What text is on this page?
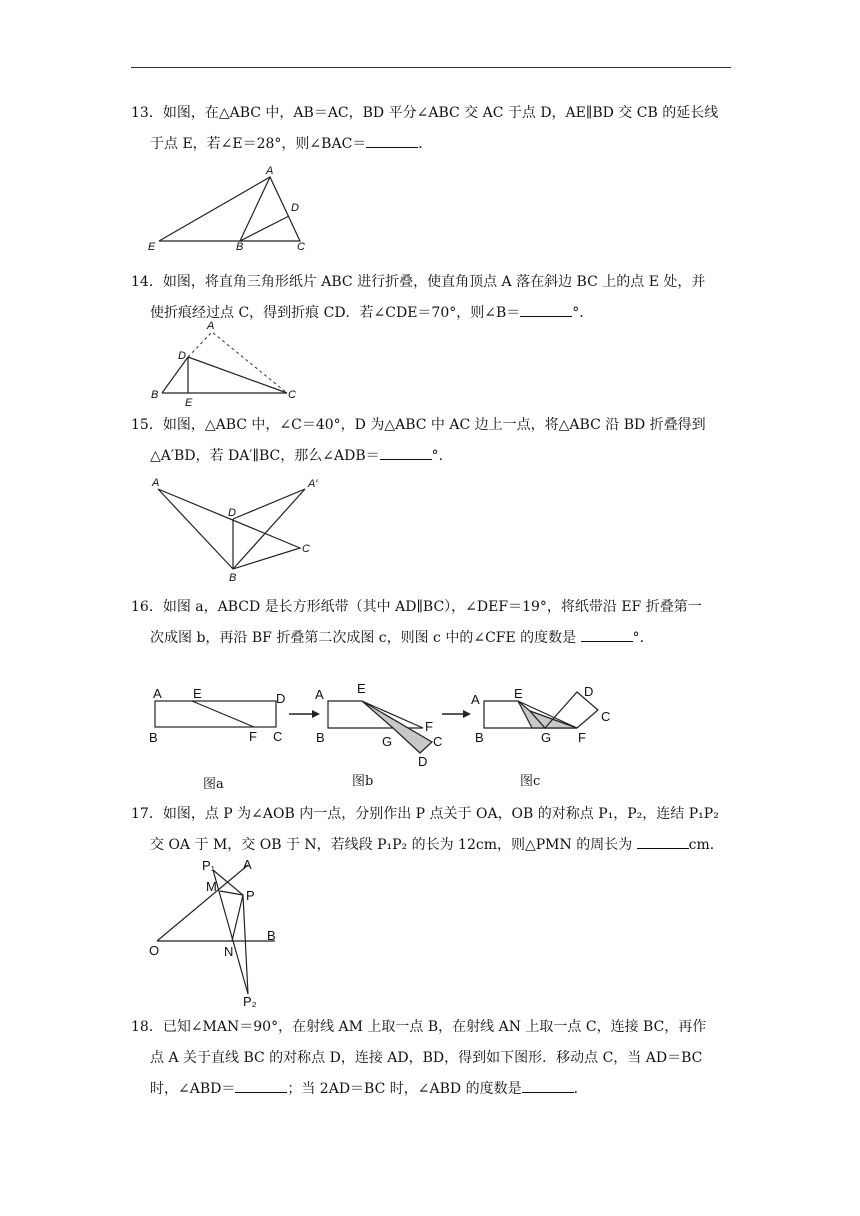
13．如图，在△ABC 中，AB＝AC，BD 平分∠ABC 交 AC 于点 D，AE∥BD 交 CB 的延长线

于点 E，若∠E＝28°，则∠BAC＝	．

A
D
E	B	C

14．如图，将直角三角形纸片 ABC 进行折叠，使直角顶点 A 落在斜边 BC 上的点 E 处，并

使折痕经过点 C，得到折痕 CD．若∠CDE＝70°，则∠B＝	°．

A
D
B
E
C

15．如图，△ABC 中，∠C＝40°，D 为△ABC 中 AC 边上一点，将△ABC 沿 BD 折叠得到

△A′BD，若 DA′∥BC，那么∠ADB＝	°．

A	A′
D
C
B

16．如图 a，ABCD 是长方形纸带（其中 AD∥BC），∠DEF＝19°，将纸带沿 EF 折叠第一

次成图 b，再沿 BF 折叠第二次成图 c，则图 c 中的∠CFE 的度数是	°．

A E	D
B	F C
图a
A	E
F
C
B	G
D
图b
A	E	D
C
B	G F
图c

17．如图，点 P 为∠AOB 内一点，分别作出 P 点关于 OA，OB 的对称点 P₁，P₂，连结 P₁P₂

交 OA 于 M，交 OB 于 N，若线段 P₁P₂ 的长为 12cm，则△PMN 的周长为	cm．

P₁ A
M
P
O	N
B
P₂

18．已知∠MAN＝90°，在射线 AM 上取一点 B，在射线 AN 上取一点 C，连接 BC，再作

点 A 关于直线 BC 的对称点 D，连接 AD，BD，得到如下图形．移动点 C，当 AD＝BC

时，∠ABD＝	；当 2AD＝BC 时，∠ABD 的度数是	．
